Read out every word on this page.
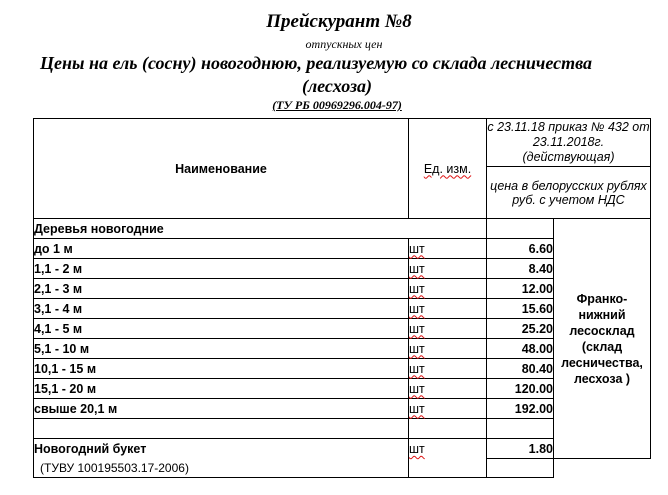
Прейскурант №8
отпускных цен
Цены на ель (сосну) новогоднюю, реализуемую со склада лесничества
(лесхоза)
(ТУ РБ 00969296.004-97)
Наименование	Ед. изм.	с 23.11.18 приказ № 432 от 23.11.2018г. (действующая)	
		цена в белорусских рублях руб. с учетом НДС	
Деревья новогодние			Франко-нижний лесосклад (склад лесничества, лесхоза )
до 1 м	шт	6.60	
1,1 - 2 м	шт	8.40	
2,1 - 3 м	шт	12.00	
3,1 - 4 м	шт	15.60	
4,1 - 5 м	шт	25.20	
5,1 - 10 м	шт	48.00	
10,1 - 15 м	шт	80.40	
15,1 - 20 м	шт	120.00	
свыше 20,1 м	шт	192.00	

Новогодний букет	шт	1.80	
(ТУВУ 100195503.17-2006)			
